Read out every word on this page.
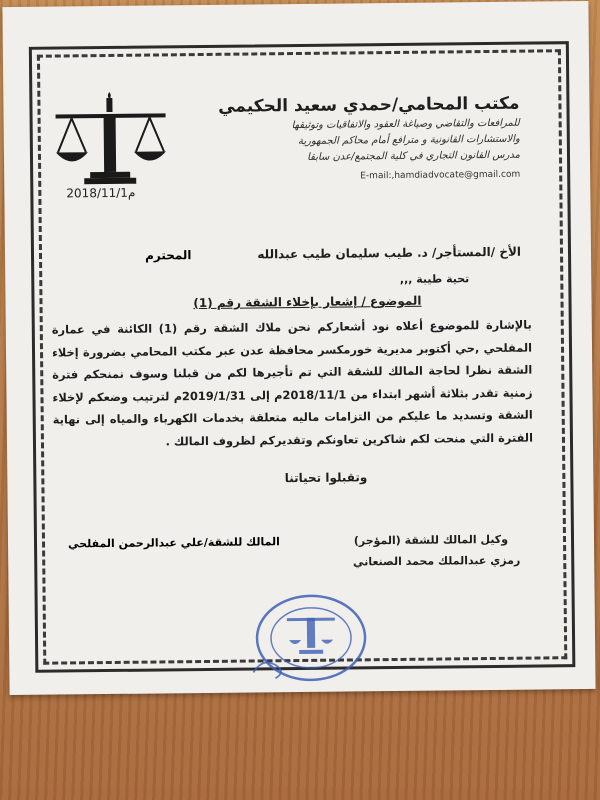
مكتب المحامي/حمدي سعيد الحكيمي
للمرافعات والتقاضي وصياغة العقود والاتفاقيات وتوثيقها
والاستشارات القانونية و مترافع أمام محاكم الجمهورية
مدرس القانون التجاري في كلية المجتمع/عدن سابقا
E-mail:,hamdiadvocate@gmail.com
2018/11/1م
الأخ /المستأجر/ د. طيب سليمان طيب عبدالله
المحترم
تحية طيبة ,,,
الموضوع / إشعار بإخلاء الشقة رقم (1)
بالإشارة للموضوع أعلاه نود أشعاركم نحن ملاك الشقة رقم (1) الكائنة في عمارة المفلحي ,حي أكتوبر مديرية خورمكسر محافظة عدن عبر مكتب المحامي بضرورة إخلاء الشقة نظرا لحاجة المالك للشقة التي تم تأجيرها لكم من قبلنا وسوف نمنحكم فترة زمنية تقدر بثلاثة أشهر ابتداء من 2018/11/1م إلى 2019/1/31م لترتيب وضعكم لإخلاء الشقة وتسديد ما عليكم من التزامات ماليه متعلقة بخدمات الكهرباء والمياه إلى نهاية الفترة التي منحت لكم شاكرين تعاونكم وتقديركم لظروف المالك .
وتقبلوا تحياتنا
المالك للشقة/علي عبدالرحمن المفلحي	وكيل المالك للشقة (المؤجر)
رمزي عبدالملك محمد الصنعاني
